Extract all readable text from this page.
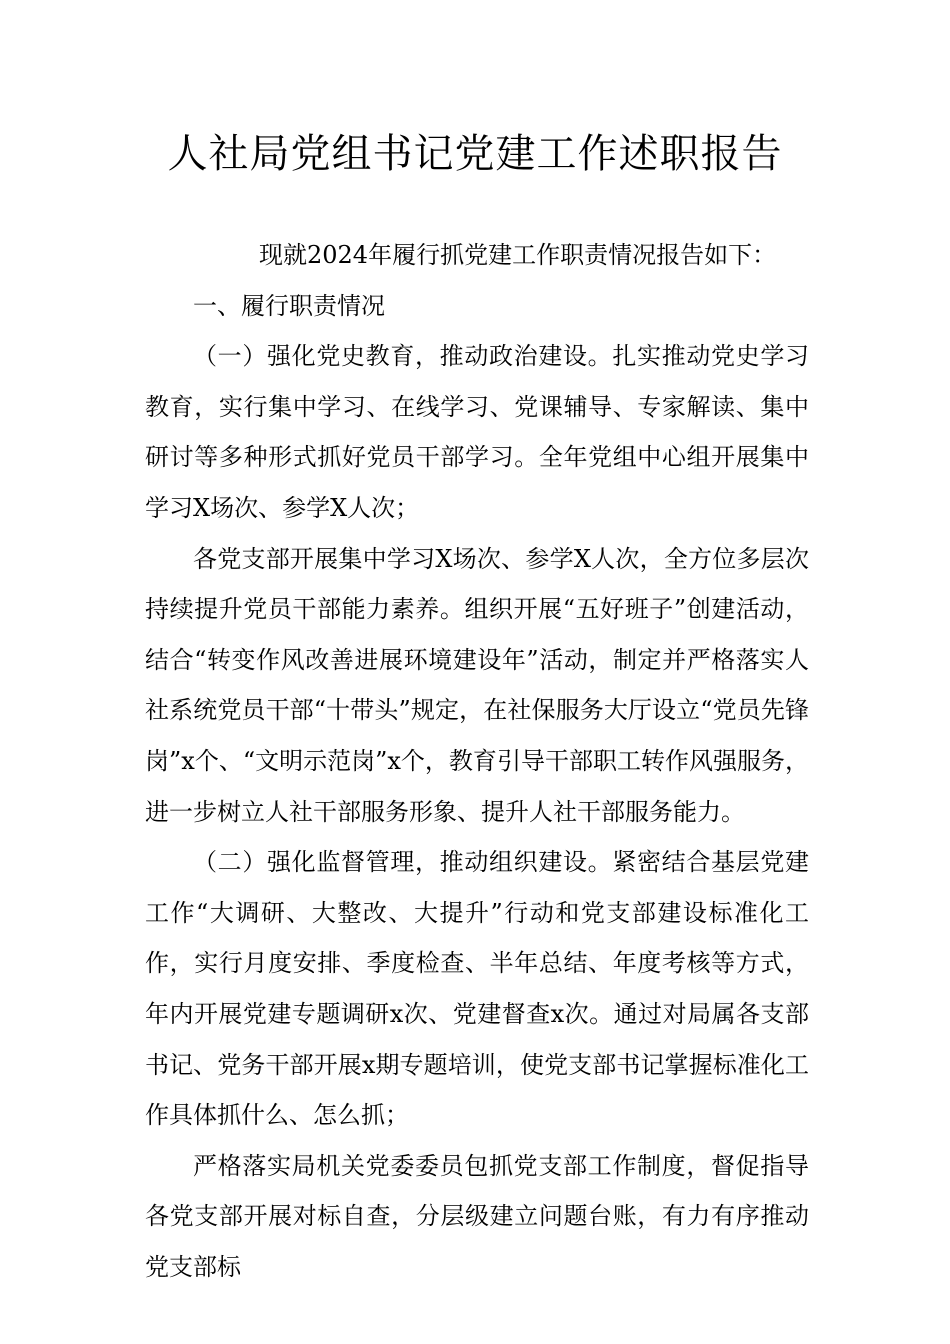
人社局党组书记党建工作述职报告

现就2024年履行抓党建工作职责情况报告如下：

一、履行职责情况

（一）强化党史教育，推动政治建设。扎实推动党史学习教育，实行集中学习、在线学习、党课辅导、专家解读、集中研讨等多种形式抓好党员干部学习。全年党组中心组开展集中学习X场次、参学X人次；

各党支部开展集中学习X场次、参学X人次，全方位多层次持续提升党员干部能力素养。组织开展“五好班子”创建活动，结合“转变作风改善进展环境建设年”活动，制定并严格落实人社系统党员干部“十带头”规定，在社保服务大厅设立“党员先锋岗”x个、“文明示范岗”x个，教育引导干部职工转作风强服务，进一步树立人社干部服务形象、提升人社干部服务能力。

（二）强化监督管理，推动组织建设。紧密结合基层党建工作“大调研、大整改、大提升”行动和党支部建设标准化工作，实行月度安排、季度检查、半年总结、年度考核等方式，年内开展党建专题调研x次、党建督查x次。通过对局属各支部书记、党务干部开展x期专题培训，使党支部书记掌握标准化工作具体抓什么、怎么抓；

严格落实局机关党委委员包抓党支部工作制度，督促指导各党支部开展对标自查，分层级建立问题台账，有力有序推动党支部标
